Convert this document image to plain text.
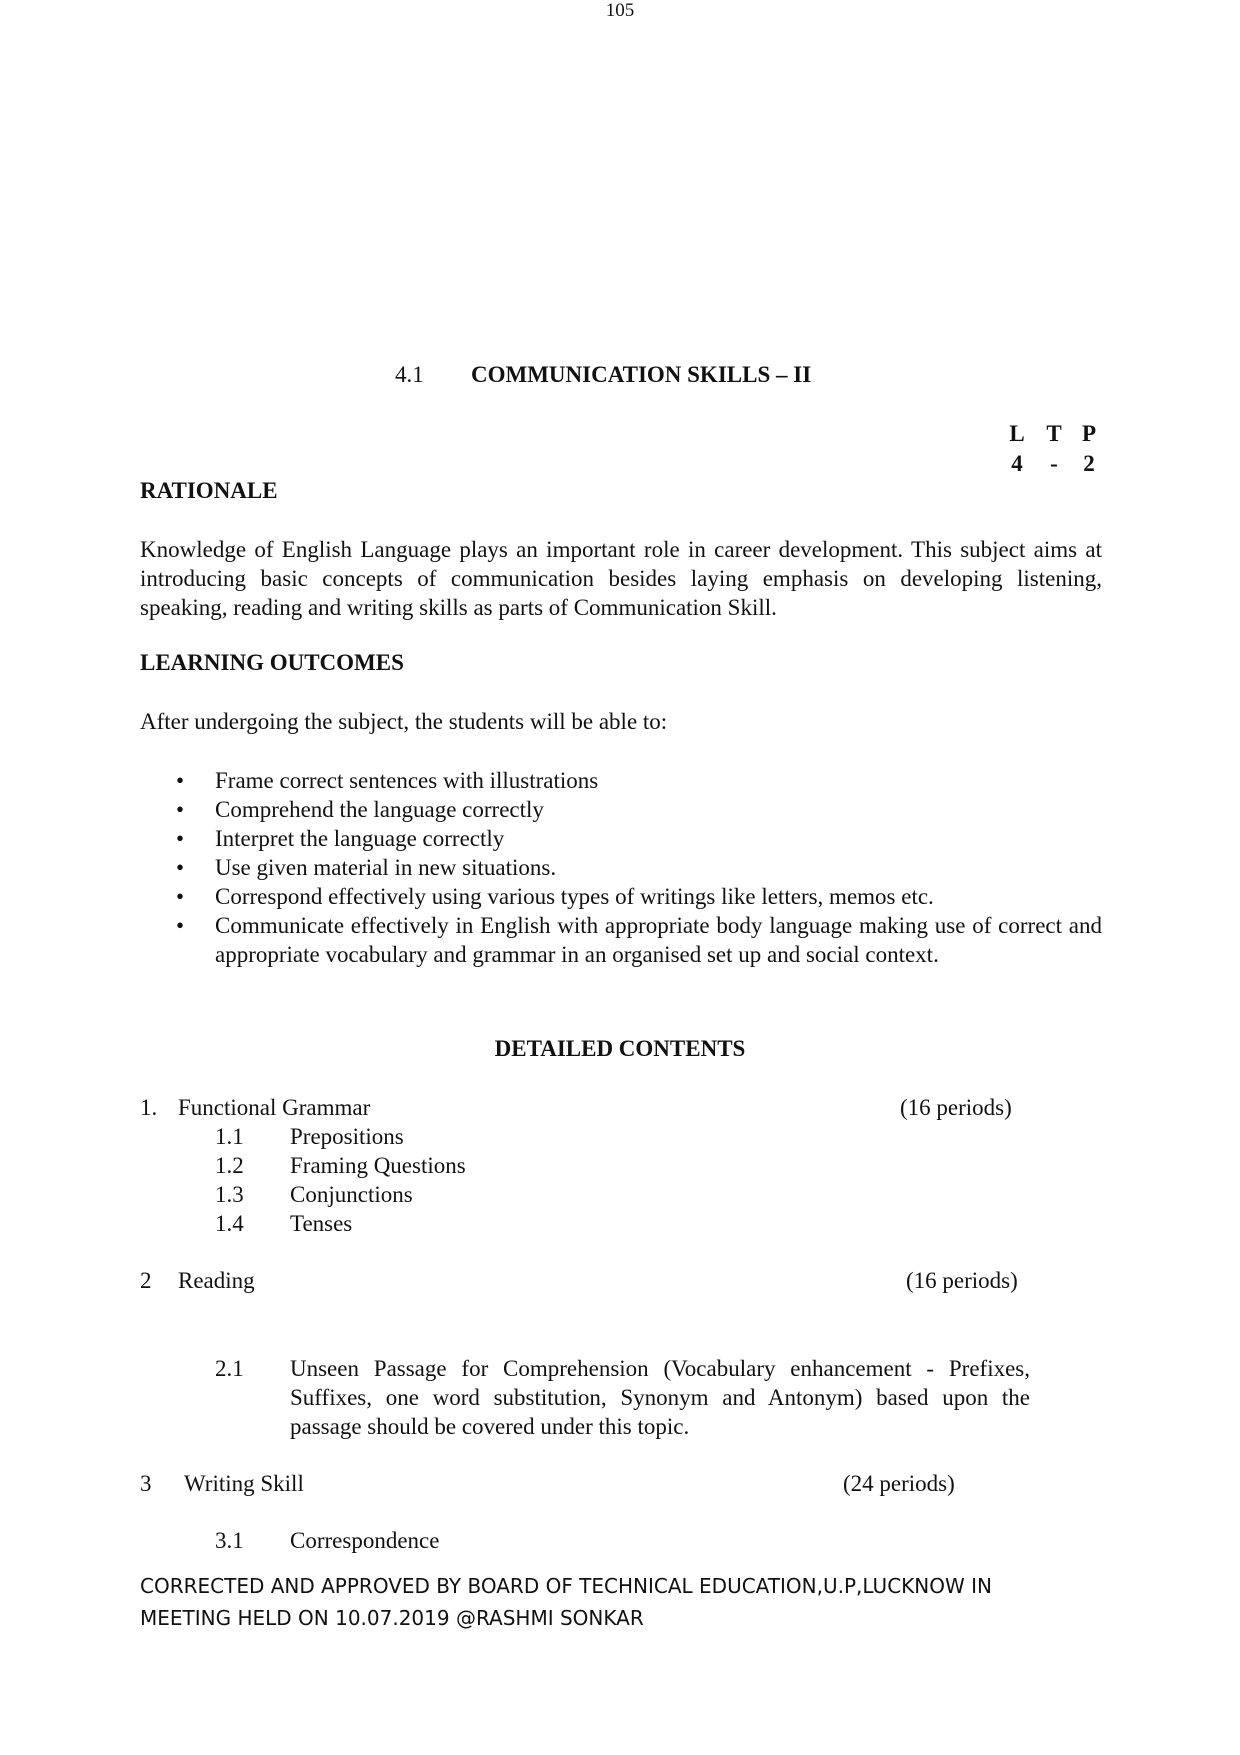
105
4.1 COMMUNICATION SKILLS – II
L T P
4	-	2
RATIONALE
Knowledge of English Language plays an important role in career development. This subject aims at introducing basic concepts of communication besides laying emphasis on developing listening, speaking, reading and writing skills as parts of Communication Skill.
LEARNING OUTCOMES
After undergoing the subject, the students will be able to:
• Frame correct sentences with illustrations
• Comprehend the language correctly
• Interpret the language correctly
• Use given material in new situations.
• Correspond effectively using various types of writings like letters, memos etc.
• Communicate effectively in English with appropriate body language making use of correct and appropriate vocabulary and grammar in an organised set up and social context.
DETAILED CONTENTS
1. Functional Grammar	(16 periods)
1.1 Prepositions
1.2 Framing Questions
1.3 Conjunctions
1.4 Tenses
2 Reading	(16 periods)
2.1 Unseen Passage for Comprehension (Vocabulary enhancement - Prefixes, Suffixes, one word substitution, Synonym and Antonym) based upon the passage should be covered under this topic.
3 Writing Skill	(24 periods)
3.1 Correspondence
CORRECTED AND APPROVED BY BOARD OF TECHNICAL EDUCATION,U.P,LUCKNOW IN
MEETING HELD ON 10.07.2019 @RASHMI SONKAR
